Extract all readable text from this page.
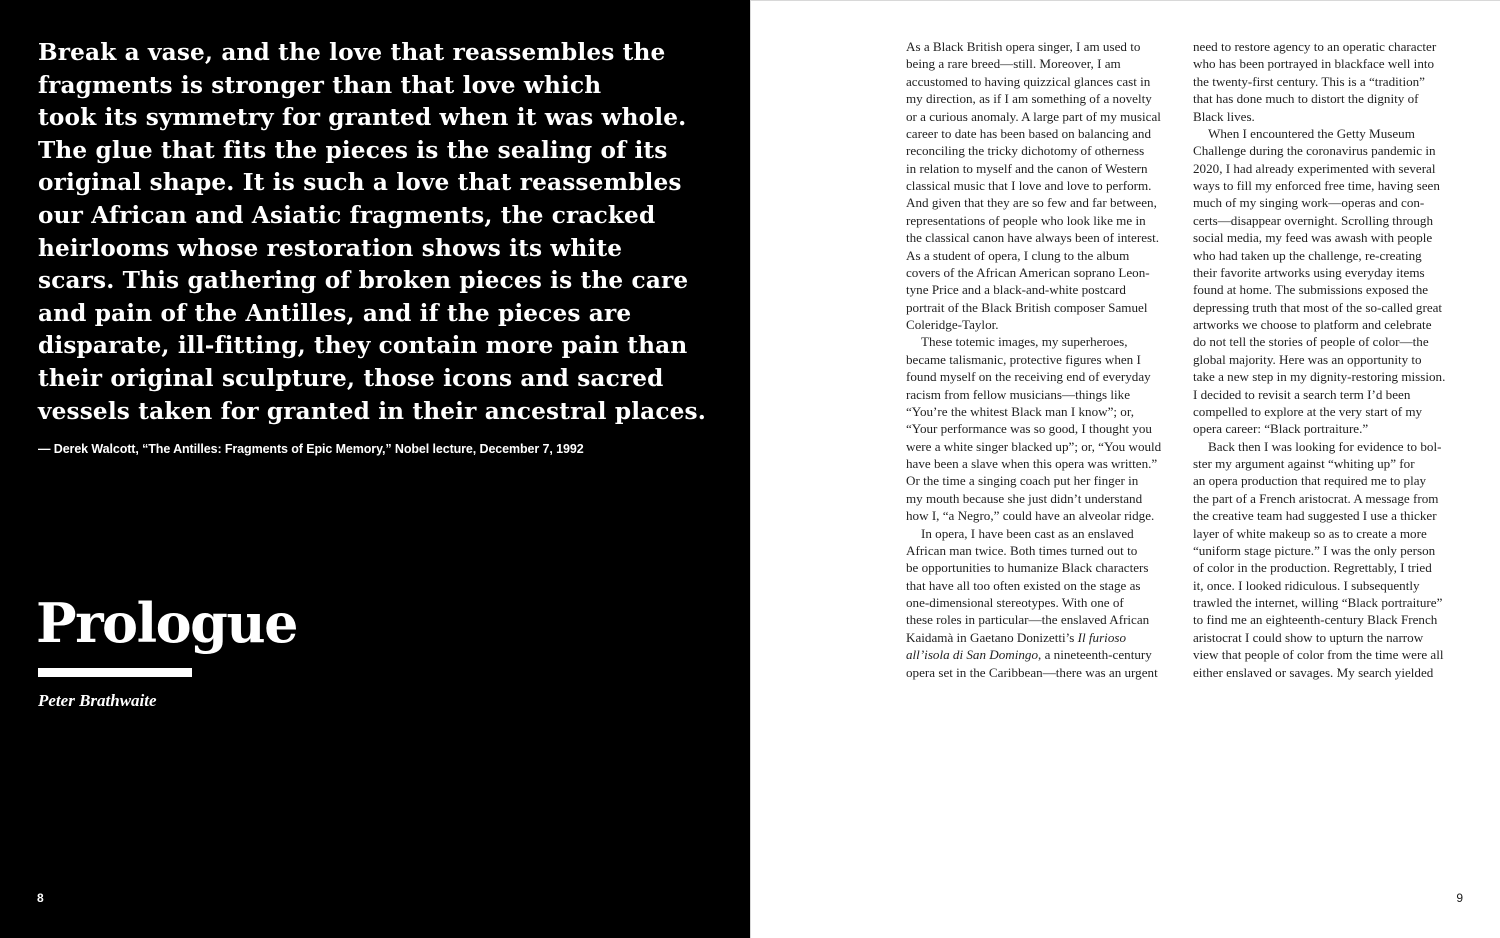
Break a vase, and the love that reassembles the
fragments is stronger than that love which
took its symmetry for granted when it was whole.
The glue that fits the pieces is the sealing of its
original shape. It is such a love that reassembles
our African and Asiatic fragments, the cracked
heirlooms whose restoration shows its white
scars. This gathering of broken pieces is the care
and pain of the Antilles, and if the pieces are
disparate, ill-fitting, they contain more pain than
their original sculpture, those icons and sacred
vessels taken for granted in their ancestral places.
— Derek Walcott, “The Antilles: Fragments of Epic Memory,” Nobel lecture, December 7, 1992
Prologue
Peter Brathwaite
8
As a Black British opera singer, I am used to
being a rare breed—still. Moreover, I am
accustomed to having quizzical glances cast in
my direction, as if I am something of a novelty
or a curious anomaly. A large part of my musical
career to date has been based on balancing and
reconciling the tricky dichotomy of otherness
in relation to myself and the canon of Western
classical music that I love and love to perform.
And given that they are so few and far between,
representations of people who look like me in
the classical canon have always been of interest.
As a student of opera, I clung to the album
covers of the African American soprano Leon-
tyne Price and a black-and-white postcard
portrait of the Black British composer Samuel
Coleridge-Taylor.
These totemic images, my superheroes,
became talismanic, protective figures when I
found myself on the receiving end of everyday
racism from fellow musicians—things like
“You’re the whitest Black man I know”; or,
“Your performance was so good, I thought you
were a white singer blacked up”; or, “You would
have been a slave when this opera was written.”
Or the time a singing coach put her finger in
my mouth because she just didn’t understand
how I, “a Negro,” could have an alveolar ridge.
In opera, I have been cast as an enslaved
African man twice. Both times turned out to
be opportunities to humanize Black characters
that have all too often existed on the stage as
one-dimensional stereotypes. With one of
these roles in particular—the enslaved African
Kaidamà in Gaetano Donizetti’s Il furioso
all’isola di San Domingo, a nineteenth-century
opera set in the Caribbean—there was an urgent
need to restore agency to an operatic character
who has been portrayed in blackface well into
the twenty-first century. This is a “tradition”
that has done much to distort the dignity of
Black lives.
When I encountered the Getty Museum
Challenge during the coronavirus pandemic in
2020, I had already experimented with several
ways to fill my enforced free time, having seen
much of my singing work—operas and con-
certs—disappear overnight. Scrolling through
social media, my feed was awash with people
who had taken up the challenge, re-creating
their favorite artworks using everyday items
found at home. The submissions exposed the
depressing truth that most of the so-called great
artworks we choose to platform and celebrate
do not tell the stories of people of color—the
global majority. Here was an opportunity to
take a new step in my dignity-restoring mission.
I decided to revisit a search term I’d been
compelled to explore at the very start of my
opera career: “Black portraiture.”
Back then I was looking for evidence to bol-
ster my argument against “whiting up” for
an opera production that required me to play
the part of a French aristocrat. A message from
the creative team had suggested I use a thicker
layer of white makeup so as to create a more
“uniform stage picture.” I was the only person
of color in the production. Regrettably, I tried
it, once. I looked ridiculous. I subsequently
trawled the internet, willing “Black portraiture”
to find me an eighteenth-century Black French
aristocrat I could show to upturn the narrow
view that people of color from the time were all
either enslaved or savages. My search yielded
9
